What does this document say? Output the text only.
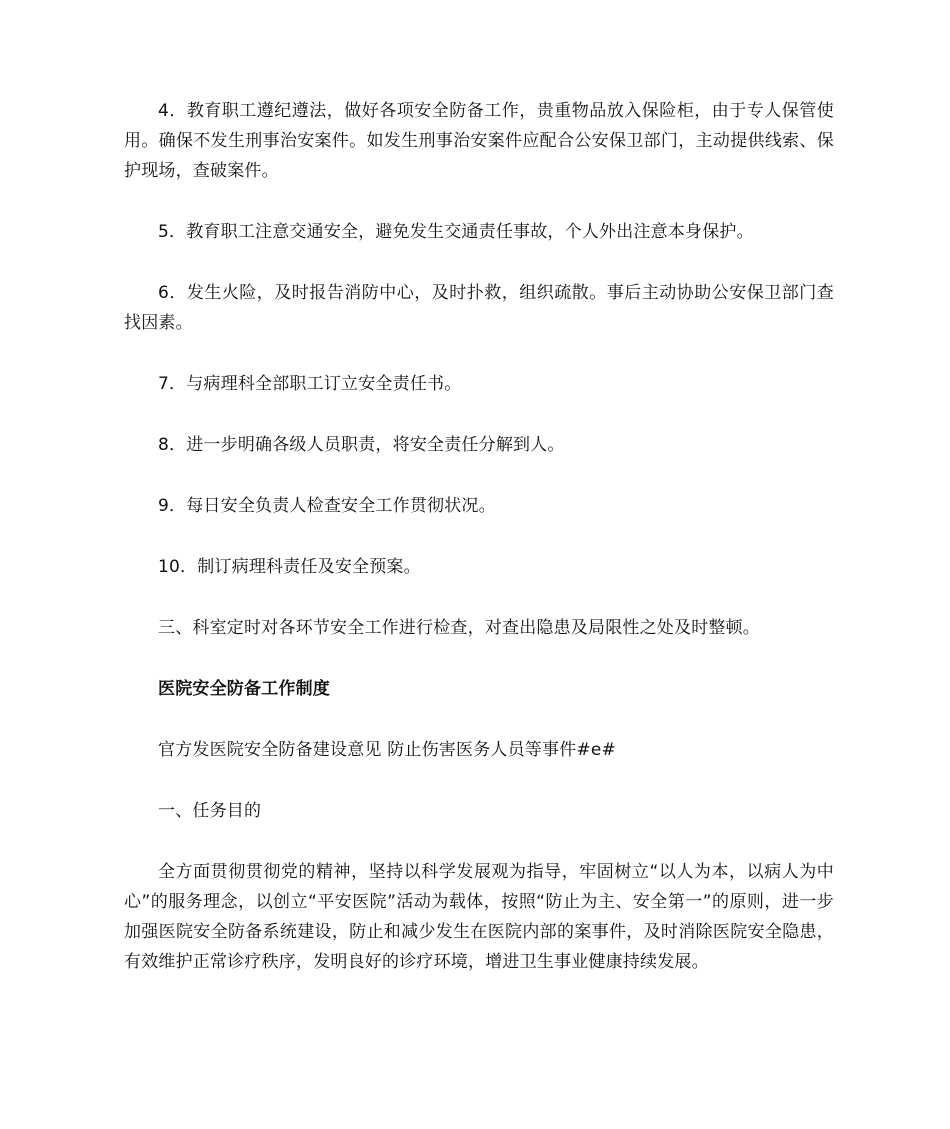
4．教育职工遵纪遵法，做好各项安全防备工作，贵重物品放入保险柜，由于专人保管使用。确保不发生刑事治安案件。如发生刑事治安案件应配合公安保卫部门，主动提供线索、保护现场，查破案件。

5．教育职工注意交通安全，避免发生交通责任事故，个人外出注意本身保护。

6．发生火险，及时报告消防中心，及时扑救，组织疏散。事后主动协助公安保卫部门查找因素。

7．与病理科全部职工订立安全责任书。

8．进一步明确各级人员职责，将安全责任分解到人。

9．每日安全负责人检查安全工作贯彻状况。

10．制订病理科责任及安全预案。

三、科室定时对各环节安全工作进行检查，对查出隐患及局限性之处及时整顿。

医院安全防备工作制度

官方发医院安全防备建设意见 防止伤害医务人员等事件#e#

一、任务目的

全方面贯彻贯彻党的精神，坚持以科学发展观为指导，牢固树立“以人为本，以病人为中心”的服务理念，以创立“平安医院”活动为载体，按照“防止为主、安全第一”的原则，进一步加强医院安全防备系统建设，防止和减少发生在医院内部的案事件，及时消除医院安全隐患，有效维护正常诊疗秩序，发明良好的诊疗环境，增进卫生事业健康持续发展。
